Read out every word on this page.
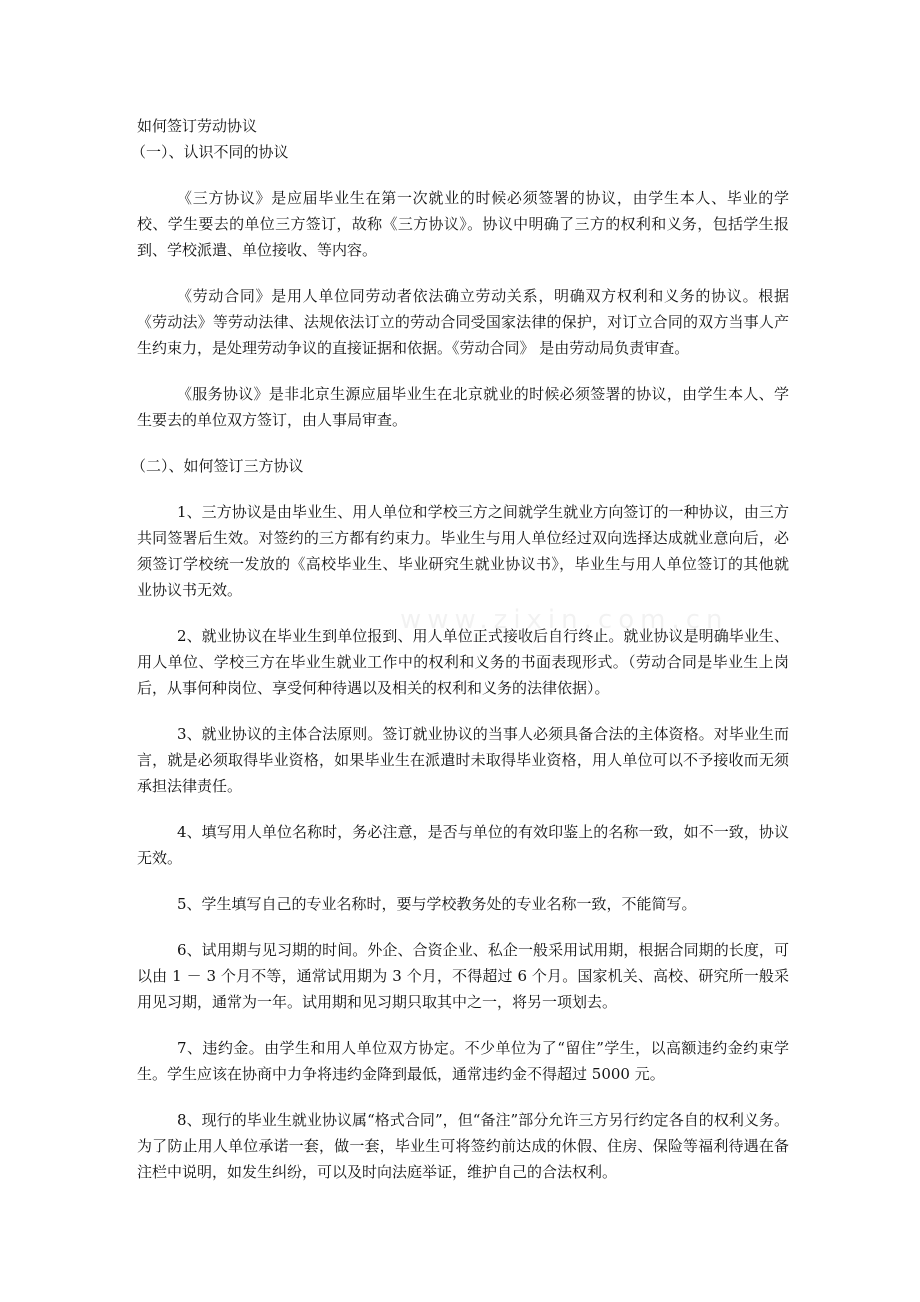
如何签订劳动协议

（一）、认识不同的协议

《三方协议》是应届毕业生在第一次就业的时候必须签署的协议，由学生本人、毕业的学校、学生要去的单位三方签订，故称《三方协议》。协议中明确了三方的权利和义务，包括学生报到、学校派遣、单位接收、等内容。

《劳动合同》是用人单位同劳动者依法确立劳动关系，明确双方权利和义务的协议。根据《劳动法》等劳动法律、法规依法订立的劳动合同受国家法律的保护，对订立合同的双方当事人产生约束力，是处理劳动争议的直接证据和依据。《劳动合同》 是由劳动局负责审查。

《服务协议》是非北京生源应届毕业生在北京就业的时候必须签署的协议，由学生本人、学生要去的单位双方签订，由人事局审查。

（二）、如何签订三方协议

1、三方协议是由毕业生、用人单位和学校三方之间就学生就业方向签订的一种协议，由三方共同签署后生效。对签约的三方都有约束力。毕业生与用人单位经过双向选择达成就业意向后，必须签订学校统一发放的《高校毕业生、毕业研究生就业协议书》，毕业生与用人单位签订的其他就业协议书无效。

2、就业协议在毕业生到单位报到、用人单位正式接收后自行终止。就业协议是明确毕业生、用人单位、学校三方在毕业生就业工作中的权利和义务的书面表现形式。（劳动合同是毕业生上岗后，从事何种岗位、享受何种待遇以及相关的权利和义务的法律依据）。

3、就业协议的主体合法原则。签订就业协议的当事人必须具备合法的主体资格。对毕业生而言，就是必须取得毕业资格，如果毕业生在派遣时未取得毕业资格，用人单位可以不予接收而无须承担法律责任。

4、填写用人单位名称时，务必注意，是否与单位的有效印鉴上的名称一致，如不一致，协议无效。

5、学生填写自己的专业名称时，要与学校教务处的专业名称一致，不能简写。

6、试用期与见习期的时间。外企、合资企业、私企一般采用试用期，根据合同期的长度，可以由 1 － 3 个月不等，通常试用期为 3 个月，不得超过 6 个月。国家机关、高校、研究所一般采用见习期，通常为一年。试用期和见习期只取其中之一，将另一项划去。

7、违约金。由学生和用人单位双方协定。不少单位为了“留住”学生，以高额违约金约束学生。学生应该在协商中力争将违约金降到最低，通常违约金不得超过 5000 元。

8、现行的毕业生就业协议属“格式合同”，但“备注”部分允许三方另行约定各自的权利义务。为了防止用人单位承诺一套，做一套，毕业生可将签约前达成的休假、住房、保险等福利待遇在备注栏中说明，如发生纠纷，可以及时向法庭举证，维护自己的合法权利。

www.zixin.com.cn
